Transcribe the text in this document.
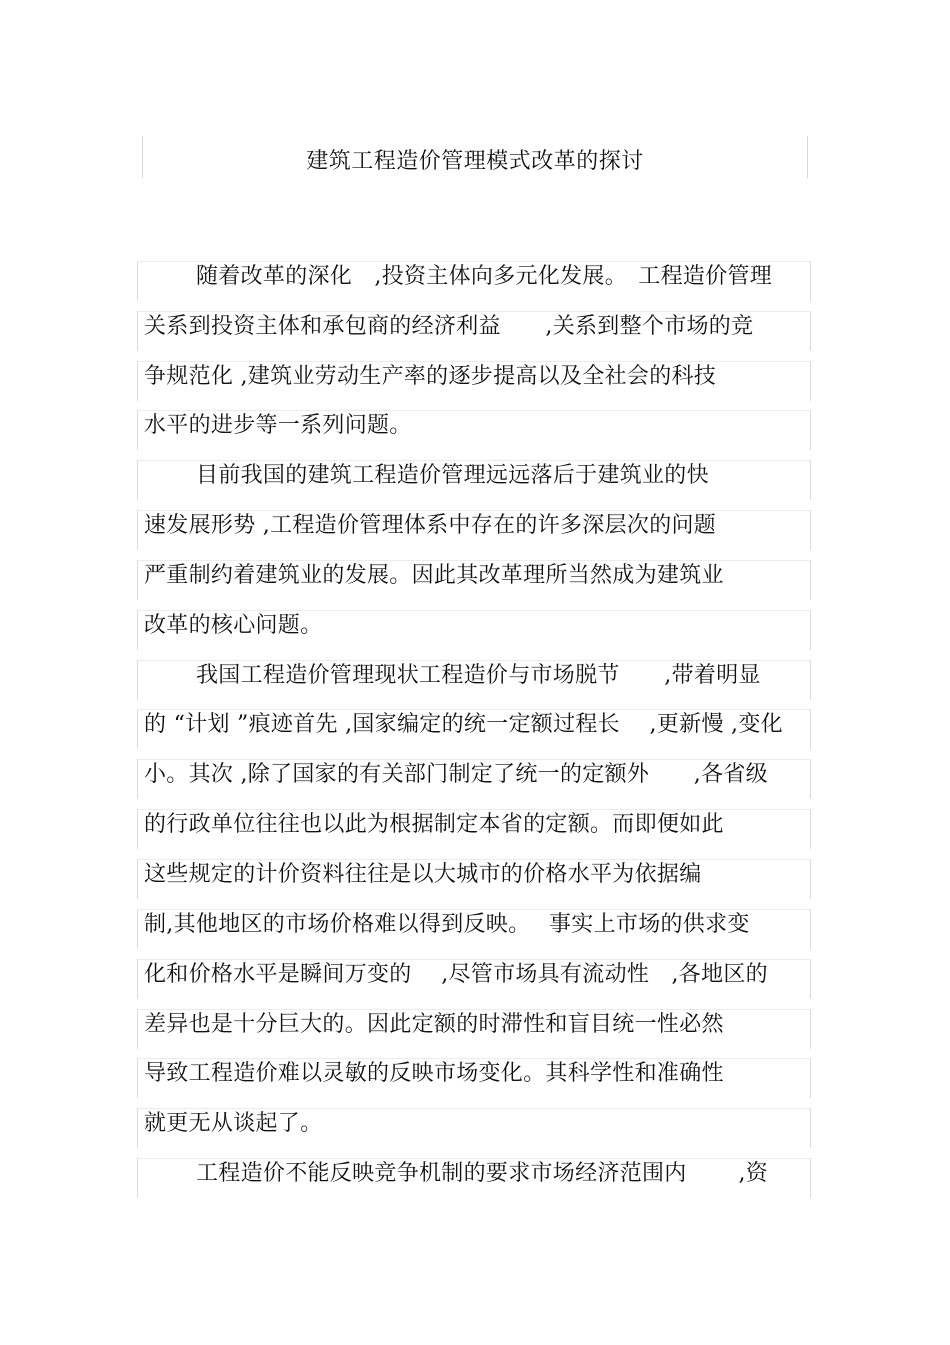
建筑工程造价管理模式改革的探讨
随着改革的深化　,投资主体向多元化发展。　工程造价管理
关系到投资主体和承包商的经济利益　　,关系到整个市场的竞
争规范化 ,建筑业劳动生产率的逐步提高以及全社会的科技
水平的进步等一系列问题。
目前我国的建筑工程造价管理远远落后于建筑业的快
速发展形势 ,工程造价管理体系中存在的许多深层次的问题
严重制约着建筑业的发展。因此其改革理所当然成为建筑业
改革的核心问题。
我国工程造价管理现状工程造价与市场脱节　　,带着明显
的 “计划 ”痕迹首先 ,国家编定的统一定额过程长　 ,更新慢 ,变化
小。其次 ,除了国家的有关部门制定了统一的定额外　　,各省级
的行政单位往往也以此为根据制定本省的定额。而即便如此
这些规定的计价资料往往是以大城市的价格水平为依据编
制,其他地区的市场价格难以得到反映。　 事实上市场的供求变
化和价格水平是瞬间万变的　 ,尽管市场具有流动性　,各地区的
差异也是十分巨大的。因此定额的时滞性和盲目统一性必然
导致工程造价难以灵敏的反映市场变化。其科学性和准确性
就更无从谈起了。
工程造价不能反映竞争机制的要求市场经济范围内　　 ,资
